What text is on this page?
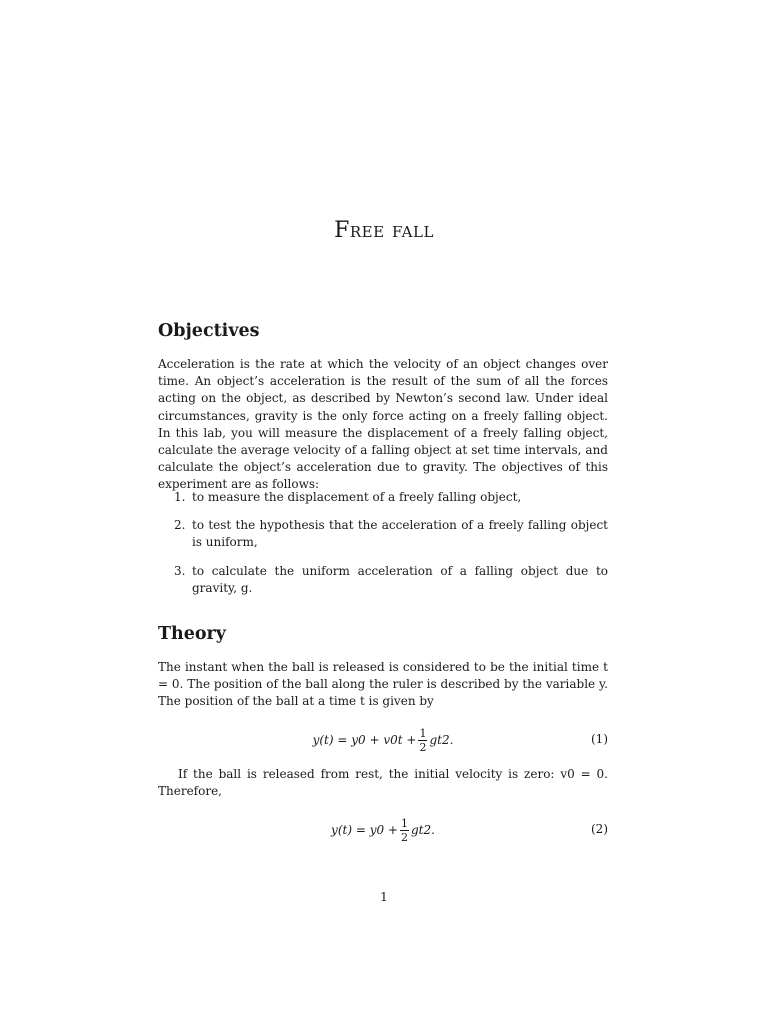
Free fall
Objectives

Acceleration is the rate at which the velocity of an object changes over time. An object’s acceleration is the result of the sum of all the forces acting on the object, as described by Newton’s second law. Under ideal circumstances, gravity is the only force acting on a freely falling object. In this lab, you will measure the displacement of a freely falling object, calculate the average velocity of a falling object at set time intervals, and calculate the object’s acceleration due to gravity. The objectives of this experiment are as follows:

1. to measure the displacement of a freely falling object,
2. to test the hypothesis that the acceleration of a freely falling object is uniform,
3. to calculate the uniform acceleration of a falling object due to gravity, g.
Theory

The instant when the ball is released is considered to be the initial time t = 0. The position of the ball along the ruler is described by the variable y. The position of the ball at a time t is given by

$y(t) = y0 + v0t + \frac{1}{2} gt2$.	(1)

If the ball is released from rest, the initial velocity is zero: v0 = 0. Therefore,

$y(t) = y0 + \frac{1}{2} gt2$.	(2)
1
